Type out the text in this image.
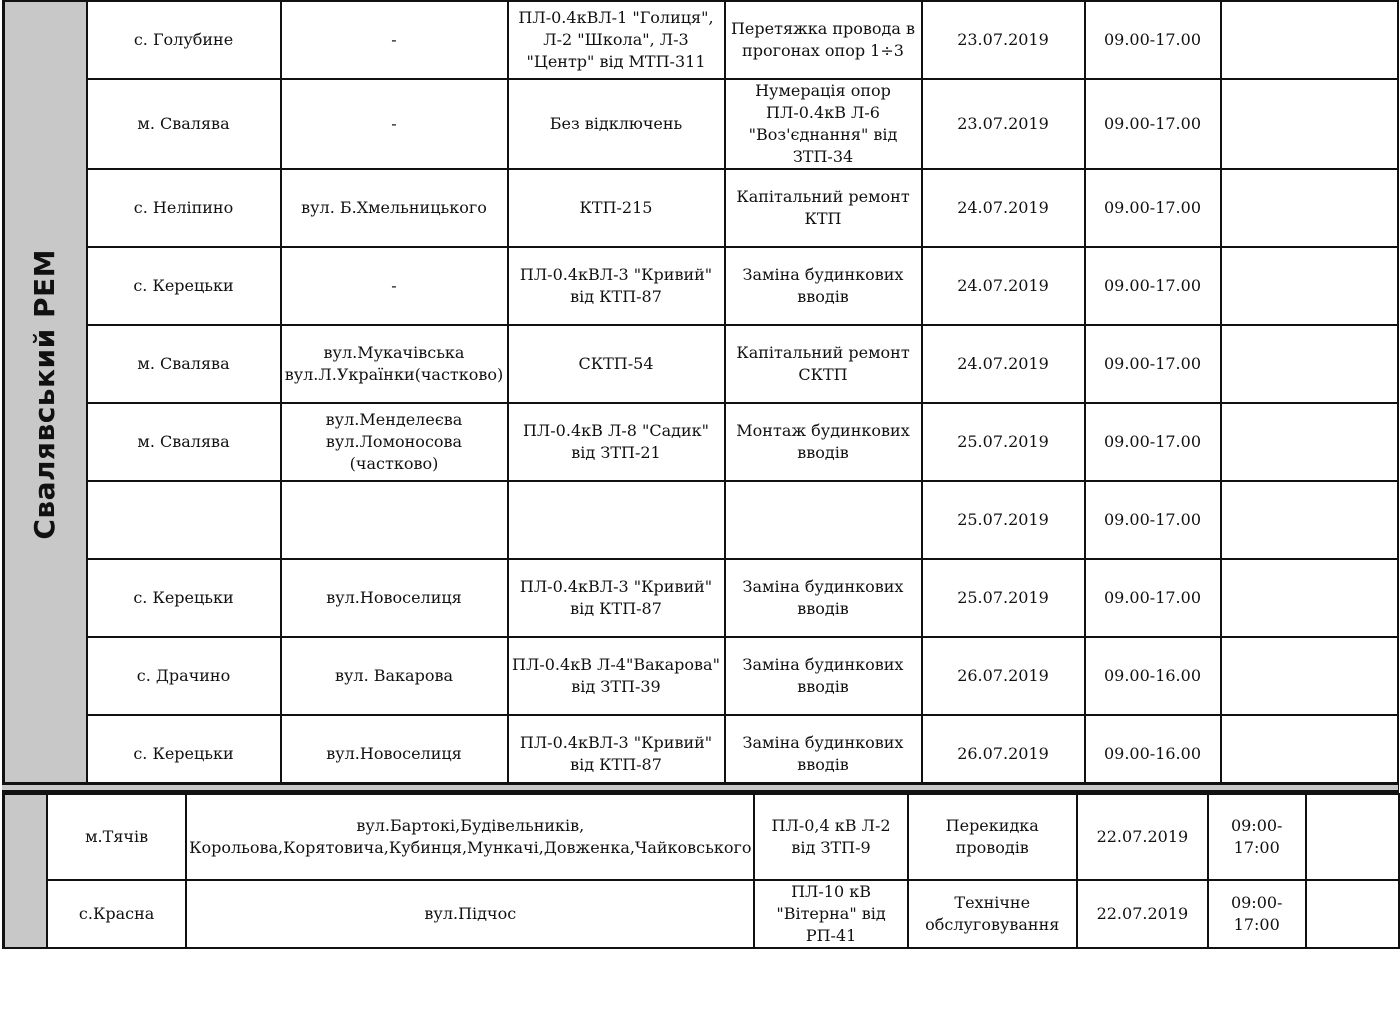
Свалявський РЕМ	с. Голубине	-	ПЛ-0.4кВЛ-1 "Голиця", Л-2 "Школа", Л-3 "Центр" від МТП-311	Перетяжка провода в прогонах опор 1÷3	23.07.2019	09.00-17.00	
	м. Свалява	-	Без відключень	Нумерація опор ПЛ-0.4кВ Л-6 "Воз'єднання" від ЗТП-34	23.07.2019	09.00-17.00	
	с. Неліпино	вул. Б.Хмельницького	КТП-215	Капітальний ремонт КТП	24.07.2019	09.00-17.00	
	с. Керецьки	-	ПЛ-0.4кВЛ-3 "Кривий" від КТП-87	Заміна будинкових вводів	24.07.2019	09.00-17.00	
	м. Свалява	вул.Мукачівська вул.Л.Українки(частково)	СКТП-54	Капітальний ремонт СКТП	24.07.2019	09.00-17.00	
	м. Свалява	вул.Менделеєва вул.Ломоносова (частково)	ПЛ-0.4кВ Л-8 "Садик" від ЗТП-21	Монтаж будинкових вводів	25.07.2019	09.00-17.00	
					25.07.2019	09.00-17.00	
	с. Керецьки	вул.Новоселиця	ПЛ-0.4кВЛ-3 "Кривий" від КТП-87	Заміна будинкових вводів	25.07.2019	09.00-17.00	
	с. Драчино	вул. Вакарова	ПЛ-0.4кВ Л-4"Вакарова" від ЗТП-39	Заміна будинкових вводів	26.07.2019	09.00-16.00	
	с. Керецьки	вул.Новоселиця	ПЛ-0.4кВЛ-3 "Кривий" від КТП-87	Заміна будинкових вводів	26.07.2019	09.00-16.00	
	м.Тячів	вул.Бартокі,Будівельників, Корольова,Корятовича,Кубинця,Мункачі,Довженка,Чайковського	ПЛ-0,4 кВ Л-2 від ЗТП-9	Перекидка проводів	22.07.2019	09:00-17:00	
	с.Красна	вул.Підчос	ПЛ-10 кВ "Вітерна" від РП-41	Технічне обслуговування	22.07.2019	09:00-17:00	
